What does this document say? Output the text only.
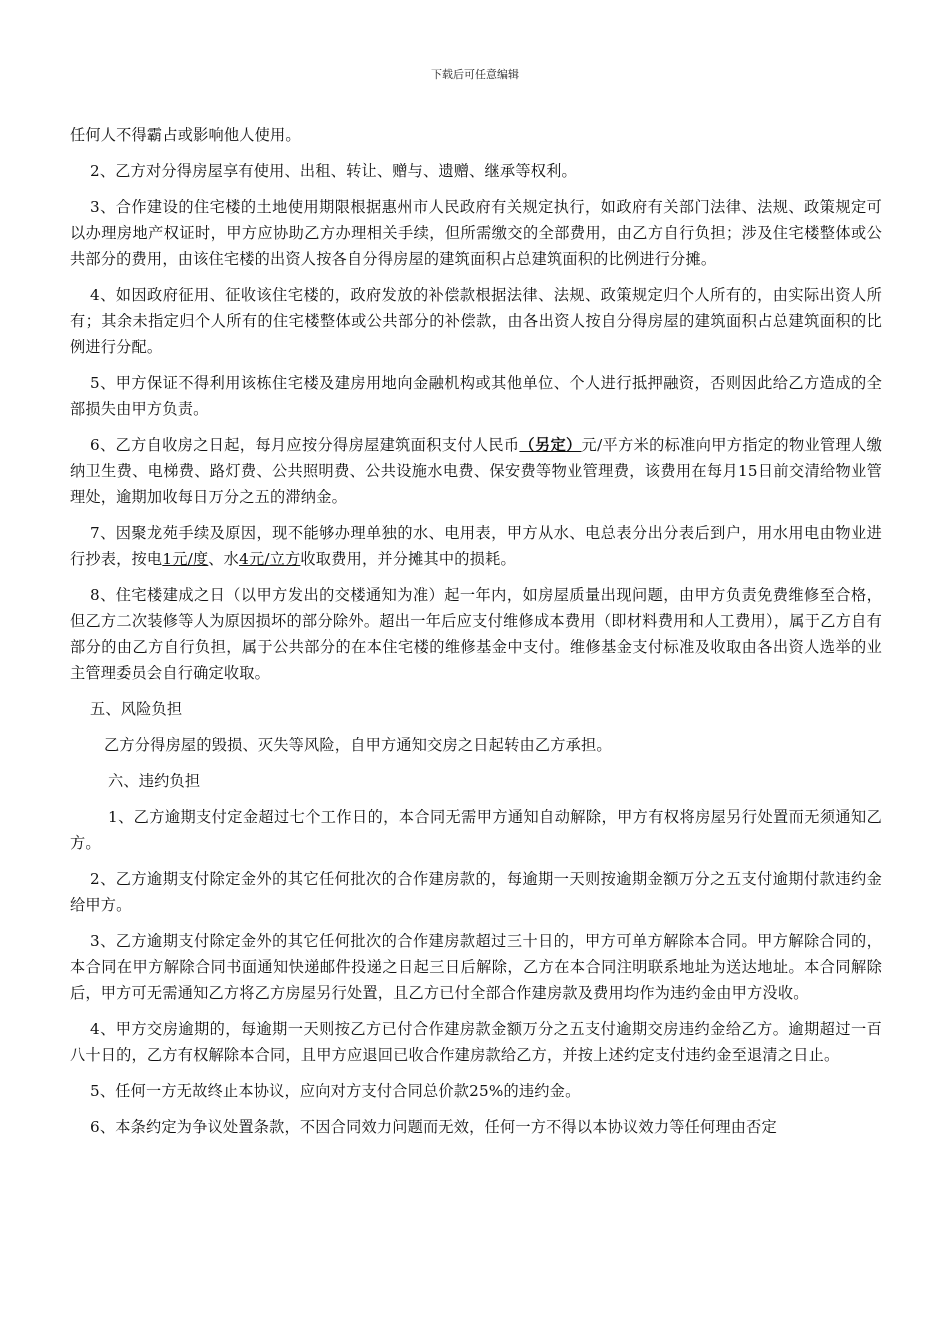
下载后可任意编辑

任何人不得霸占或影响他人使用。

2、乙方对分得房屋享有使用、出租、转让、赠与、遗赠、继承等权利。

3、合作建设的住宅楼的土地使用期限根据惠州市人民政府有关规定执行，如政府有关部门法律、法规、政策规定可以办理房地产权证时，甲方应协助乙方办理相关手续，但所需缴交的全部费用，由乙方自行负担；涉及住宅楼整体或公共部分的费用，由该住宅楼的出资人按各自分得房屋的建筑面积占总建筑面积的比例进行分摊。

4、如因政府征用、征收该住宅楼的，政府发放的补偿款根据法律、法规、政策规定归个人所有的，由实际出资人所有；其余未指定归个人所有的住宅楼整体或公共部分的补偿款，由各出资人按自分得房屋的建筑面积占总建筑面积的比例进行分配。

5、甲方保证不得利用该栋住宅楼及建房用地向金融机构或其他单位、个人进行抵押融资，否则因此给乙方造成的全部损失由甲方负责。

6、乙方自收房之日起，每月应按分得房屋建筑面积支付人民币（另定）元/平方米的标准向甲方指定的物业管理人缴纳卫生费、电梯费、路灯费、公共照明费、公共设施水电费、保安费等物业管理费，该费用在每月15日前交清给物业管理处，逾期加收每日万分之五的滞纳金。

7、因聚龙苑手续及原因，现不能够办理单独的水、电用表，甲方从水、电总表分出分表后到户，用水用电由物业进行抄表，按电1元/度、水4元/立方收取费用，并分摊其中的损耗。

8、住宅楼建成之日（以甲方发出的交楼通知为准）起一年内，如房屋质量出现问题，由甲方负责免费维修至合格，但乙方二次装修等人为原因损坏的部分除外。超出一年后应支付维修成本费用（即材料费用和人工费用），属于乙方自有部分的由乙方自行负担，属于公共部分的在本住宅楼的维修基金中支付。维修基金支付标准及收取由各出资人选举的业主管理委员会自行确定收取。

五、风险负担

乙方分得房屋的毁损、灭失等风险，自甲方通知交房之日起转由乙方承担。

六、违约负担

1、乙方逾期支付定金超过七个工作日的，本合同无需甲方通知自动解除，甲方有权将房屋另行处置而无须通知乙方。

2、乙方逾期支付除定金外的其它任何批次的合作建房款的，每逾期一天则按逾期金额万分之五支付逾期付款违约金给甲方。

3、乙方逾期支付除定金外的其它任何批次的合作建房款超过三十日的，甲方可单方解除本合同。甲方解除合同的，本合同在甲方解除合同书面通知快递邮件投递之日起三日后解除，乙方在本合同注明联系地址为送达地址。本合同解除后，甲方可无需通知乙方将乙方房屋另行处置，且乙方已付全部合作建房款及费用均作为违约金由甲方没收。

4、甲方交房逾期的，每逾期一天则按乙方已付合作建房款金额万分之五支付逾期交房违约金给乙方。逾期超过一百八十日的，乙方有权解除本合同，且甲方应退回已收合作建房款给乙方，并按上述约定支付违约金至退清之日止。

5、任何一方无故终止本协议，应向对方支付合同总价款25%的违约金。

6、本条约定为争议处置条款，不因合同效力问题而无效，任何一方不得以本协议效力等任何理由否定
